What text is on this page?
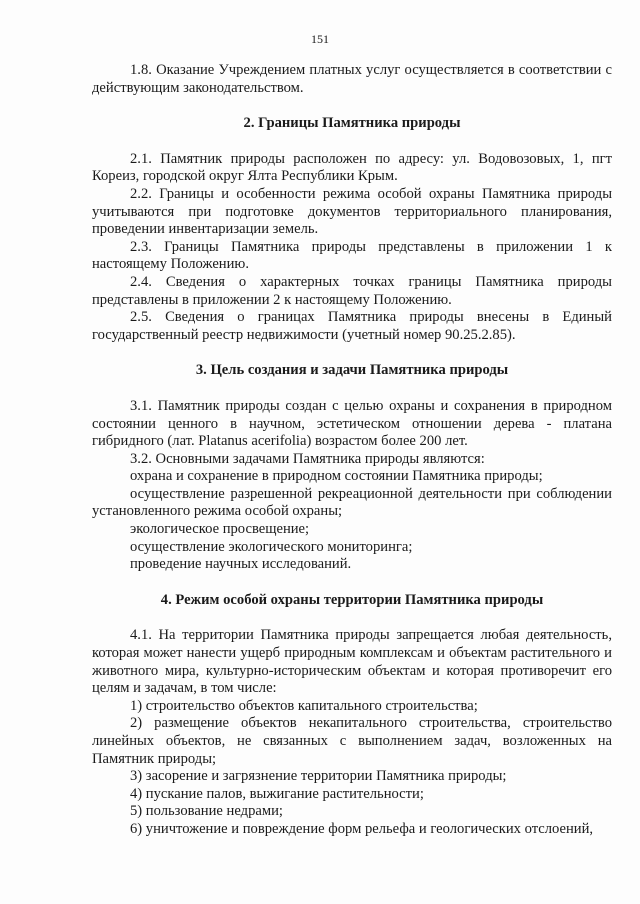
151

1.8. Оказание Учреждением платных услуг осуществляется в соответствии с действующим законодательством.

2. Границы Памятника природы

2.1. Памятник природы расположен по адресу: ул. Водовозовых, 1, пгт Кореиз, городской округ Ялта Республики Крым.

2.2. Границы и особенности режима особой охраны Памятника природы учитываются при подготовке документов территориального планирования, проведении инвентаризации земель.

2.3. Границы Памятника природы представлены в приложении 1 к настоящему Положению.

2.4. Сведения о характерных точках границы Памятника природы представлены в приложении 2 к настоящему Положению.

2.5. Сведения о границах Памятника природы внесены в Единый государственный реестр недвижимости (учетный номер 90.25.2.85).

3. Цель создания и задачи Памятника природы

3.1. Памятник природы создан с целью охраны и сохранения в природном состоянии ценного в научном, эстетическом отношении дерева - платана гибридного (лат. Platanus acerifolia) возрастом более 200 лет.

3.2. Основными задачами Памятника природы являются:

охрана и сохранение в природном состоянии Памятника природы;

осуществление разрешенной рекреационной деятельности при соблюдении установленного режима особой охраны;

экологическое просвещение;

осуществление экологического мониторинга;

проведение научных исследований.

4. Режим особой охраны территории Памятника природы

4.1. На территории Памятника природы запрещается любая деятельность, которая может нанести ущерб природным комплексам и объектам растительного и животного мира, культурно-историческим объектам и которая противоречит его целям и задачам, в том числе:

1) строительство объектов капитального строительства;

2) размещение объектов некапитального строительства, строительство линейных объектов, не связанных с выполнением задач, возложенных на Памятник природы;

3) засорение и загрязнение территории Памятника природы;

4) пускание палов, выжигание растительности;

5) пользование недрами;

6) уничтожение и повреждение форм рельефа и геологических отслоений,
